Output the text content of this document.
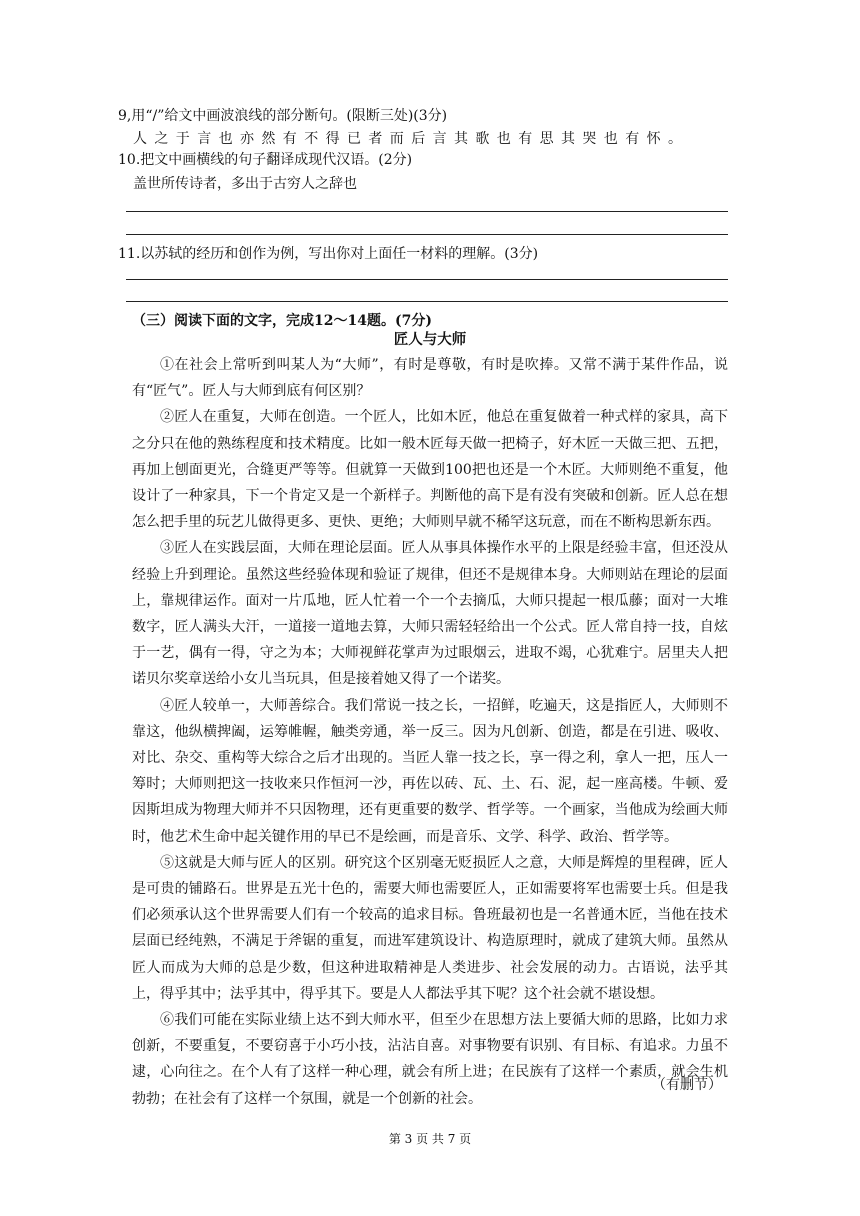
9,用“/”给文中画波浪线的部分断句。(限断三处)(3分)
人之于言也亦然有不得已者而后言其歌也有思其哭也有怀。
10.把文中画横线的句子翻译成现代汉语。(2分)
盖世所传诗者，多出于古穷人之辞也
11.以苏轼的经历和创作为例，写出你对上面任一材料的理解。(3分)
（三）阅读下面的文字，完成12～14题。(7分)
匠人与大师

①在社会上常听到叫某人为“大师”，有时是尊敬，有时是吹捧。又常不满于某件作品，说有“匠气”。匠人与大师到底有何区别？

②匠人在重复，大师在创造。一个匠人，比如木匠，他总在重复做着一种式样的家具，高下之分只在他的熟练程度和技术精度。比如一般木匠每天做一把椅子，好木匠一天做三把、五把，再加上刨面更光，合缝更严等等。但就算一天做到100把也还是一个木匠。大师则绝不重复，他设计了一种家具，下一个肯定又是一个新样子。判断他的高下是有没有突破和创新。匠人总在想怎么把手里的玩艺儿做得更多、更快、更绝；大师则早就不稀罕这玩意，而在不断构思新东西。

③匠人在实践层面，大师在理论层面。匠人从事具体操作水平的上限是经验丰富，但还没从经验上升到理论。虽然这些经验体现和验证了规律，但还不是规律本身。大师则站在理论的层面上，靠规律运作。面对一片瓜地，匠人忙着一个一个去摘瓜，大师只提起一根瓜藤；面对一大堆数字，匠人满头大汗，一道接一道地去算，大师只需轻轻给出一个公式。匠人常自持一技，自炫于一艺，偶有一得，守之为本；大师视鲜花掌声为过眼烟云，进取不竭，心犹难宁。居里夫人把诺贝尔奖章送给小女儿当玩具，但是接着她又得了一个诺奖。

④匠人较单一，大师善综合。我们常说一技之长，一招鲜，吃遍天，这是指匠人，大师则不靠这，他纵横捭阖，运筹帷幄，触类旁通，举一反三。因为凡创新、创造，都是在引进、吸收、对比、杂交、重构等大综合之后才出现的。当匠人靠一技之长，享一得之利，拿人一把，压人一筹时；大师则把这一技收来只作恒河一沙，再佐以砖、瓦、土、石、泥，起一座高楼。牛顿、爱因斯坦成为物理大师并不只因物理，还有更重要的数学、哲学等。一个画家，当他成为绘画大师时，他艺术生命中起关键作用的早已不是绘画，而是音乐、文学、科学、政治、哲学等。

⑤这就是大师与匠人的区别。研究这个区别毫无贬损匠人之意，大师是辉煌的里程碑，匠人是可贵的铺路石。世界是五光十色的，需要大师也需要匠人，正如需要将军也需要士兵。但是我们必须承认这个世界需要人们有一个较高的追求目标。鲁班最初也是一名普通木匠，当他在技术层面已经纯熟，不满足于斧锯的重复，而进军建筑设计、构造原理时，就成了建筑大师。虽然从匠人而成为大师的总是少数，但这种进取精神是人类进步、社会发展的动力。古语说，法乎其上，得乎其中；法乎其中，得乎其下。要是人人都法乎其下呢？这个社会就不堪设想。

⑥我们可能在实际业绩上达不到大师水平，但至少在思想方法上要循大师的思路，比如力求创新，不要重复，不要窃喜于小巧小技，沾沾自喜。对事物要有识别、有目标、有追求。力虽不逮，心向往之。在个人有了这样一种心理，就会有所上进；在民族有了这样一个素质，就会生机勃勃；在社会有了这样一个氛围，就是一个创新的社会。

（有删节）
第 3 页 共 7 页
